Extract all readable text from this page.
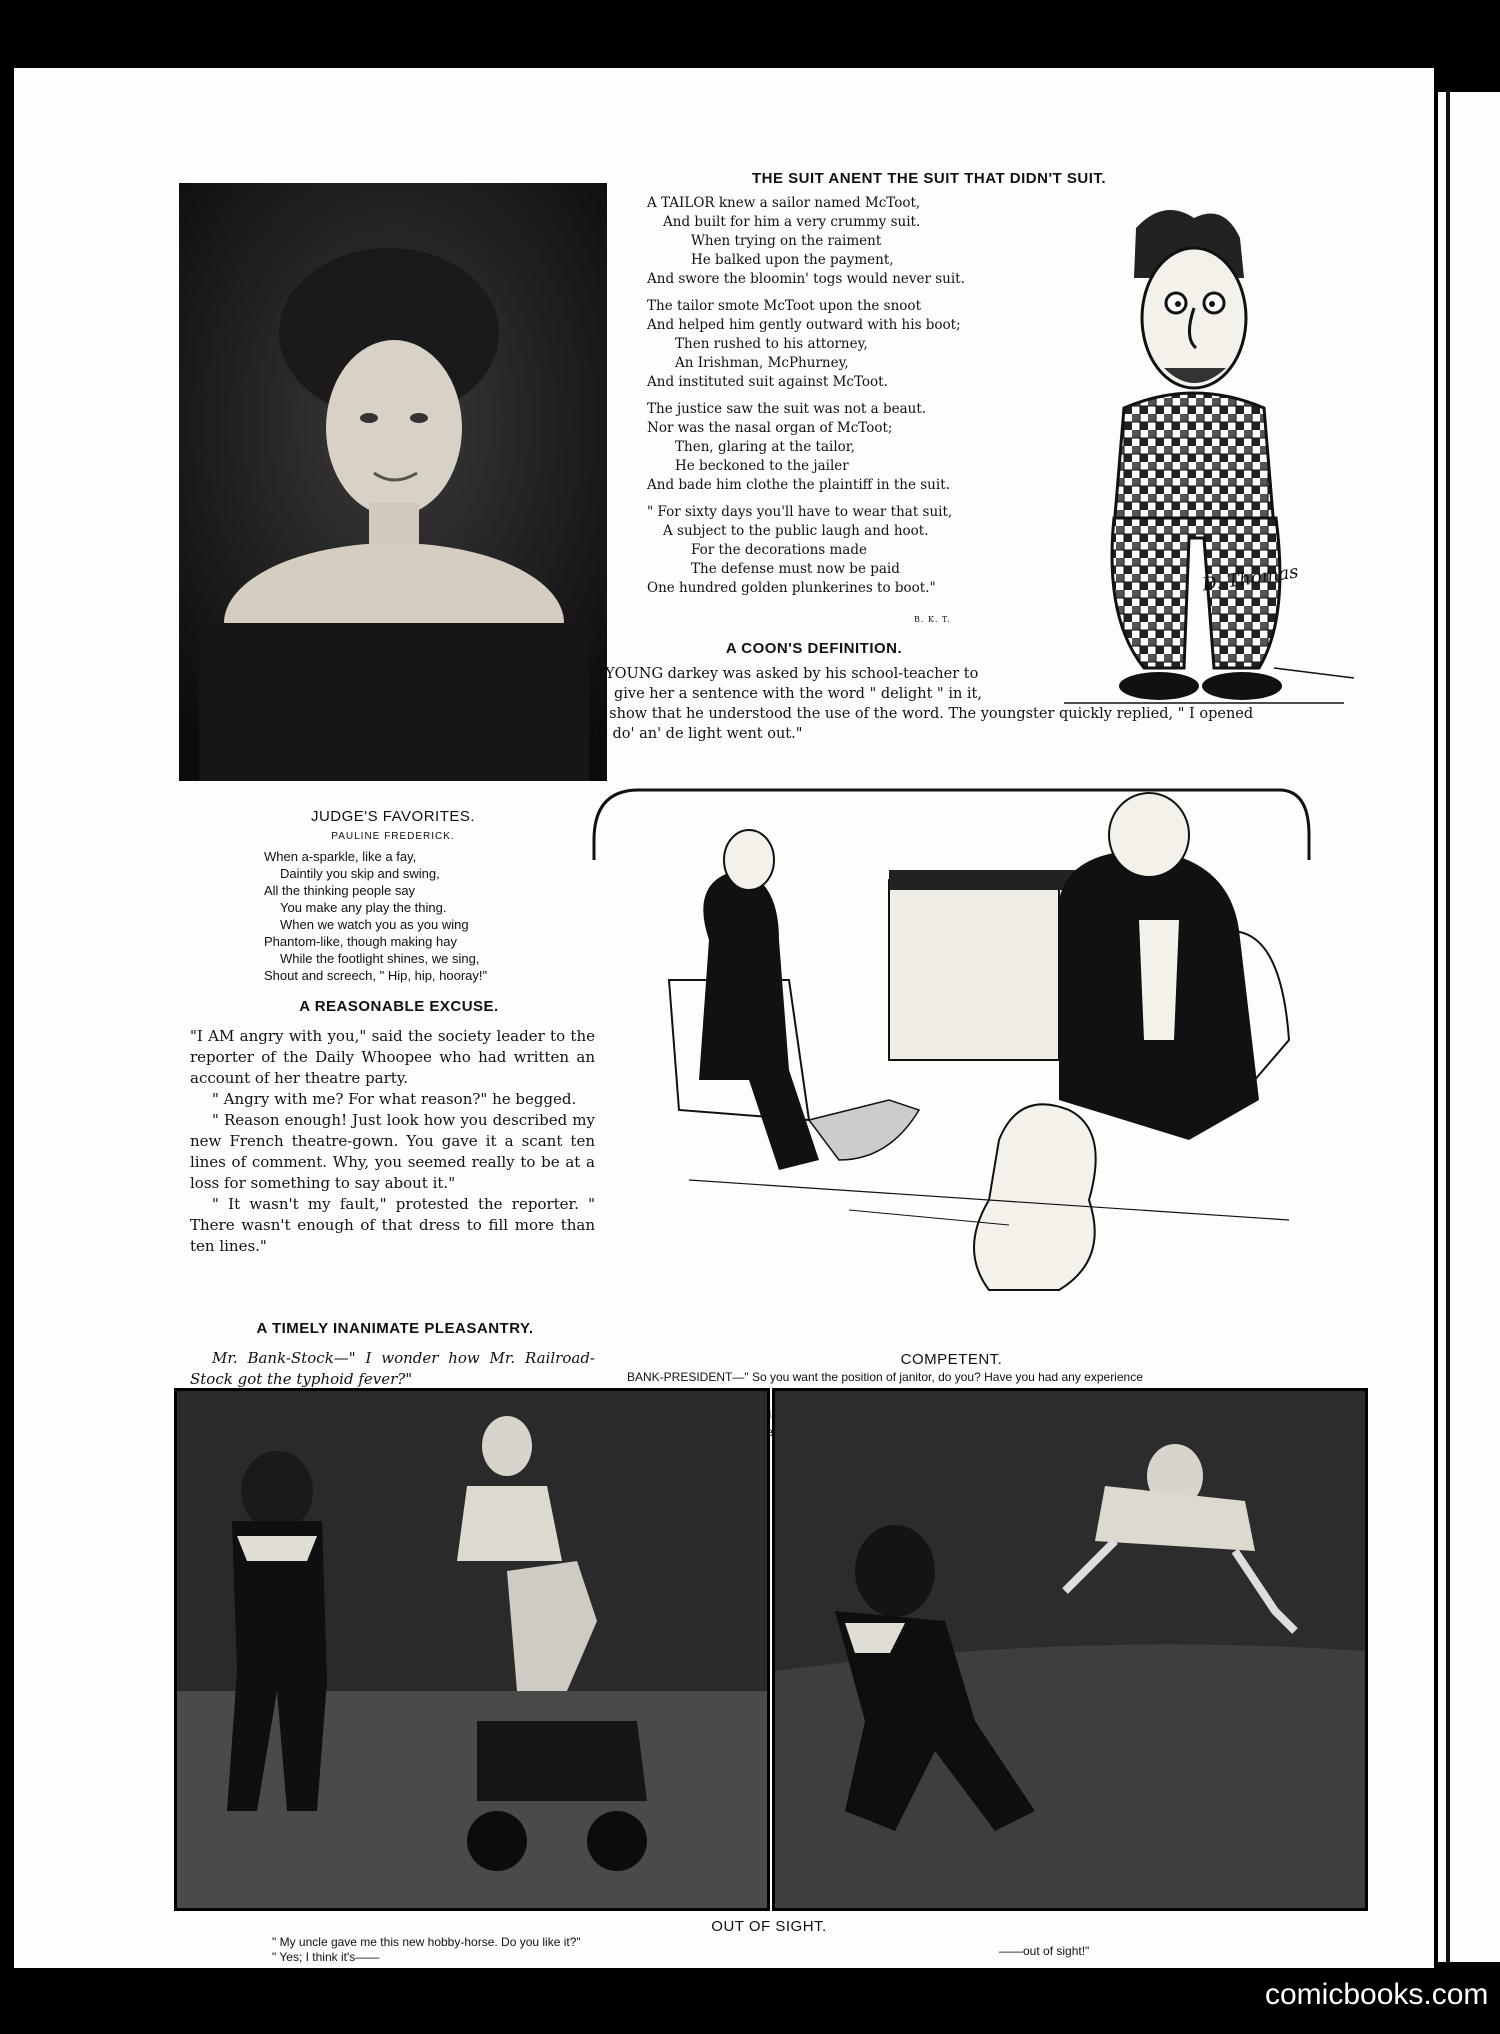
JUDGE'S FAVORITES.
PAULINE FREDERICK.
When a-sparkle, like a fay,
Daintily you skip and swing,
All the thinking people say
You make any play the thing.
When we watch you as you wing
Phantom-like, though making hay
While the footlight shines, we sing,
Shout and screech, " Hip, hip, hooray!"
A REASONABLE EXCUSE.

"I AM angry with you," said the society leader to the reporter of the Daily Whoopee who had written an account of her theatre party.

" Angry with me? For what reason?" he begged.

" Reason enough! Just look how you described my new French theatre-gown. You gave it a scant ten lines of comment. Why, you seemed really to be at a loss for something to say about it."

" It wasn't my fault," protested the reporter. " There wasn't enough of that dress to fill more than ten lines."

A TIMELY INANIMATE PLEASANTRY.

Mr. Bank-Stock—" I wonder how Mr. Railroad-Stock got the typhoid fever?"

THE SUIT ANENT THE SUIT THAT DIDN'T SUIT.
A TAILOR knew a sailor named McToot,
And built for him a very crummy suit.
When trying on the raiment
He balked upon the payment,
And swore the bloomin' togs would never suit.
The tailor smote McToot upon the snoot
And helped him gently outward with his boot;
Then rushed to his attorney,
An Irishman, McPhurney,
And instituted suit against McToot.
The justice saw the suit was not a beaut.
Nor was the nasal organ of McToot;
Then, glaring at the tailor,
He beckoned to the jailer
And bade him clothe the plaintiff in the suit.
" For sixty days you'll have to wear that suit,
A subject to the public laugh and hoot.
For the decorations made
The defense must now be paid
One hundred golden plunkerines to boot."
B. K. T.
D. Thomas
A COON'S DEFINITION.
A YOUNG darkey was asked by his school-teacher to
give her a sentence with the word " delight " in it,
to show that he understood the use of the word. The youngster quickly replied, " I opened
de do' an' de light went out."
COMPETENT.
BANK-PRESIDENT—" So you want the position of janitor, do you? Have you had any experience
west
OUT OF SIGHT.
" My uncle gave me this new hobby-horse. Do you like it?"
" Yes; I think it's——	——out of sight!"
comicbooks.com
